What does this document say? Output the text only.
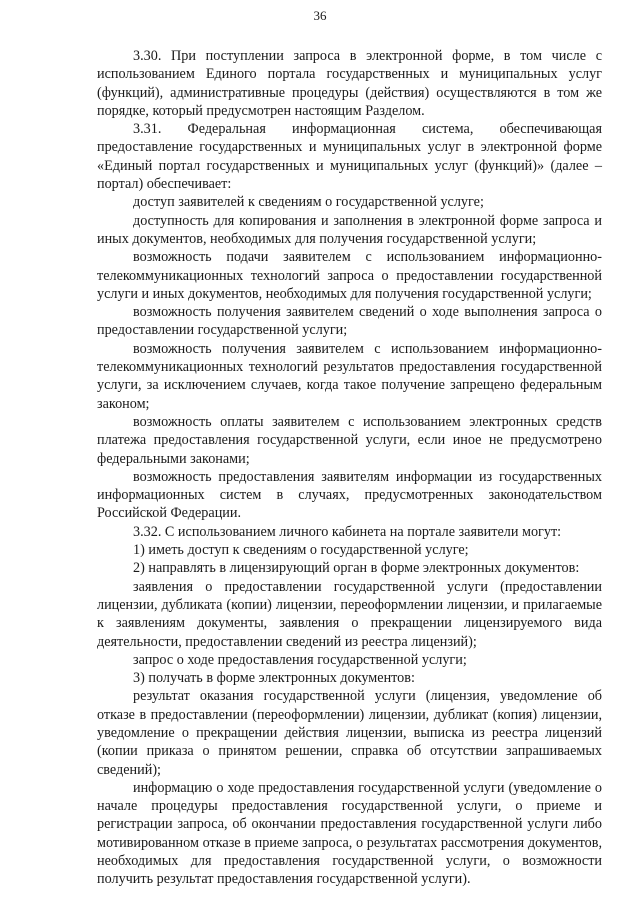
36

3.30. При поступлении запроса в электронной форме, в том числе с использованием Единого портала государственных и муниципальных услуг (функций), административные процедуры (действия) осуществляются в том же порядке, который предусмотрен настоящим Разделом.

3.31. Федеральная информационная система, обеспечивающая предоставление государственных и муниципальных услуг в электронной форме «Единый портал государственных и муниципальных услуг (функций)» (далее – портал) обеспечивает:

доступ заявителей к сведениям о государственной услуге;

доступность для копирования и заполнения в электронной форме запроса и иных документов, необходимых для получения государственной услуги;

возможность подачи заявителем с использованием информационно-телекоммуникационных технологий запроса о предоставлении государственной услуги и иных документов, необходимых для получения государственной услуги;

возможность получения заявителем сведений о ходе выполнения запроса о предоставлении государственной услуги;

возможность получения заявителем с использованием информационно-телекоммуникационных технологий результатов предоставления государственной услуги, за исключением случаев, когда такое получение запрещено федеральным законом;

возможность оплаты заявителем с использованием электронных средств платежа предоставления государственной услуги, если иное не предусмотрено федеральными законами;

возможность предоставления заявителям информации из государственных информационных систем в случаях, предусмотренных законодательством Российской Федерации.

3.32. С использованием личного кабинета на портале заявители могут:

1) иметь доступ к сведениям о государственной услуге;

2) направлять в лицензирующий орган в форме электронных документов:

заявления о предоставлении государственной услуги (предоставлении лицензии, дубликата (копии) лицензии, переоформлении лицензии, и прилагаемые к заявлениям документы, заявления о прекращении лицензируемого вида деятельности, предоставлении сведений из реестра лицензий);

запрос о ходе предоставления государственной услуги;

3) получать в форме электронных документов:

результат оказания государственной услуги (лицензия, уведомление об отказе в предоставлении (переоформлении) лицензии, дубликат (копия) лицензии, уведомление о прекращении действия лицензии, выписка из реестра лицензий (копии приказа о принятом решении, справка об отсутствии запрашиваемых сведений);

информацию о ходе предоставления государственной услуги (уведомление о начале процедуры предоставления государственной услуги, о приеме и регистрации запроса, об окончании предоставления государственной услуги либо мотивированном отказе в приеме запроса, о результатах рассмотрения документов, необходимых для предоставления государственной услуги, о возможности получить результат предоставления государственной услуги).
